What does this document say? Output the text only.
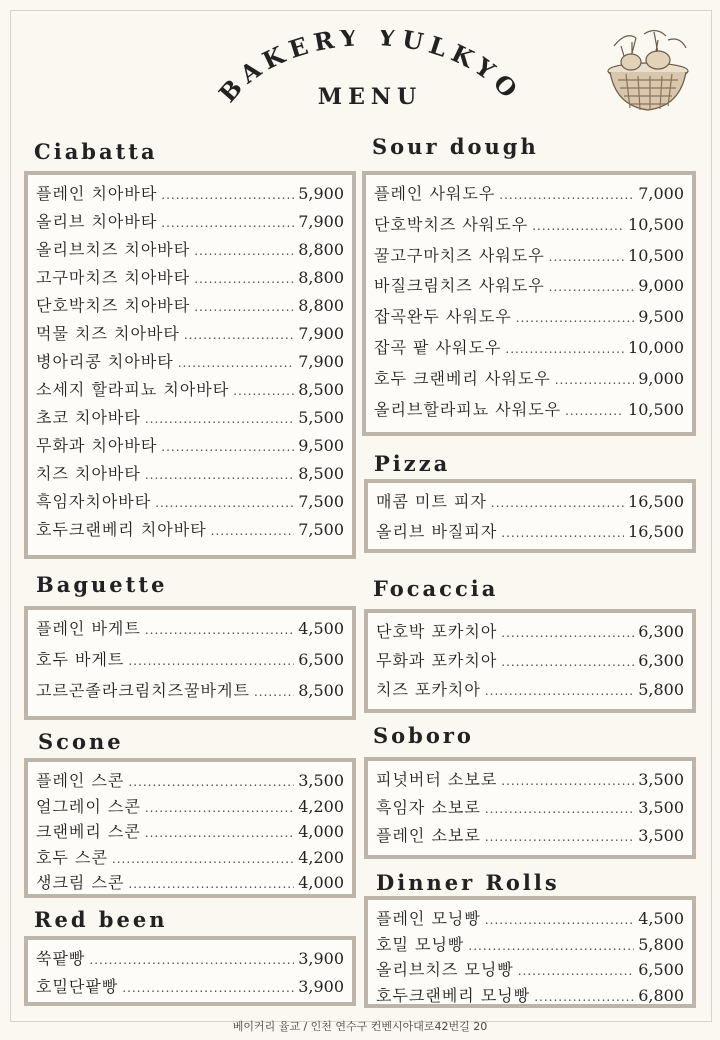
BAKERY YULKYO
MENU
Ciabatta
플레인 치아바타 .....	5,900
올리브 치아바타 .....	7,900
올리브치즈 치아바타 .....	8,800
고구마치즈 치아바타 .....	8,800
단호박치즈 치아바타 .....	8,800
먹물 치즈 치아바타 .....	7,900
병아리콩 치아바타 .....	7,900
소세지 할라피뇨 치아바타 .....	8,500
초코 치아바타 .....	5,500
무화과 치아바타 .....	9,500
치즈 치아바타 .....	8,500
흑임자치아바타 .....	7,500
호두크랜베리 치아바타 .....	7,500
Sour dough
플레인 사워도우 .....	7,000
단호박치즈 사워도우 .....	10,500
꿀고구마치즈 사워도우 .....	10,500
바질크림치즈 사워도우 .....	9,000
잡곡완두 사워도우 .....	9,500
잡곡 팥 사워도우 .....	10,000
호두 크랜베리 사워도우 .....	9,000
올리브할라피뇨 사워도우 .....	10,500
Pizza
매콤 미트 피자 .....	16,500
올리브 바질피자 .....	16,500
Baguette
플레인 바게트 .....	4,500
호두 바게트 .....	6,500
고르곤졸라크림치즈꿀바게트 .....	8,500
Focaccia
단호박 포카치아 .....	6,300
무화과 포카치아 .....	6,300
치즈 포카치아 .....	5,800
Scone
플레인 스콘 .....	3,500
얼그레이 스콘 .....	4,200
크랜베리 스콘 .....	4,000
호두 스콘 .....	4,200
생크림 스콘 .....	4,000
Soboro
피넛버터 소보로 .....	3,500
흑임자 소보로 .....	3,500
플레인 소보로 .....	3,500
Red been
쑥팥빵 .....	3,900
호밀단팥빵 .....	3,900
Dinner Rolls
플레인 모닝빵 .....	4,500
호밀 모닝빵 .....	5,800
올리브치즈 모닝빵 .....	6,500
호두크랜베리 모닝빵 .....	6,800
베이커리 율교 / 인천 연수구 컨벤시아대로42번길 20
